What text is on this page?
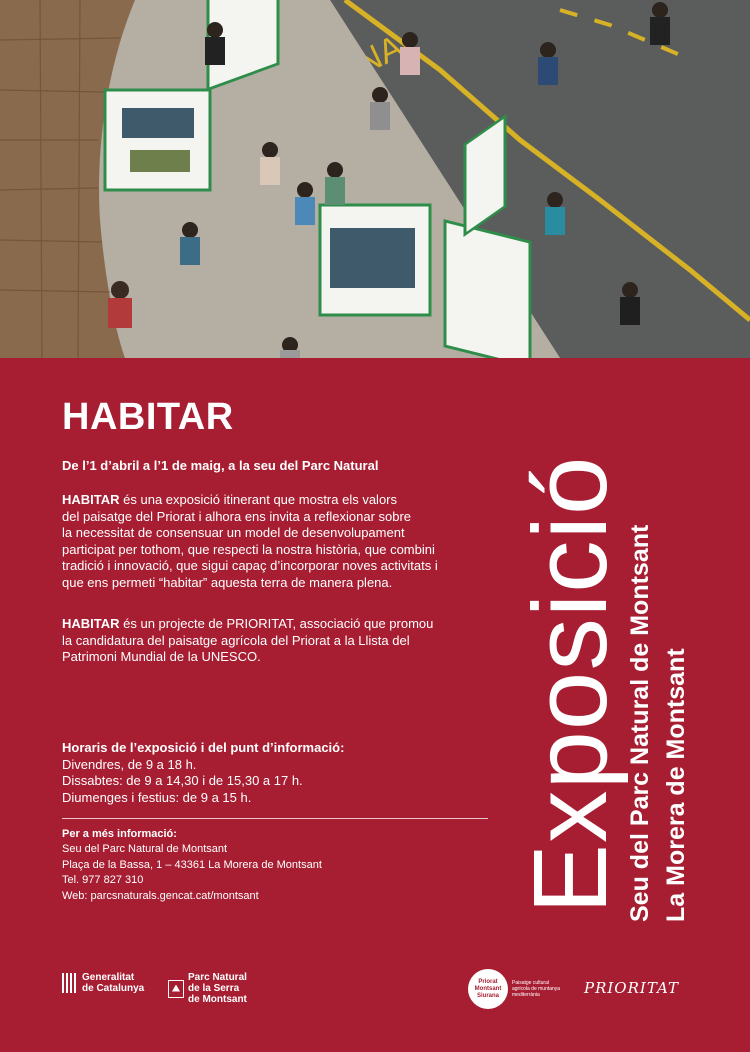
HABITAR
De l’1 d’abril a l’1 de maig, a la seu del Parc Natural
HABITAR és una exposició itinerant que mostra els valors
del paisatge del Priorat i alhora ens invita a reflexionar sobre
la necessitat de consensuar un model de desenvolupament
participat per tothom, que respecti la nostra història, que combini
tradició i innovació, que sigui capaç d’incorporar noves activitats i
que ens permeti “habitar” aquesta terra de manera plena.
HABITAR és un projecte de PRIORITAT, associació que promou
la candidatura del paisatge agrícola del Priorat a la Llista del
Patrimoni Mundial de la UNESCO.
Horaris de l’exposició i del punt d’informació:
Divendres, de 9 a 18 h.
Dissabtes: de 9 a 14,30 i de 15,30 a 17 h.
Diumenges i festius: de 9 a 15 h.
Per a més informació:
Seu del Parc Natural de Montsant
Plaça de la Bassa, 1 – 43361 La Morera de Montsant
Tel. 977 827 310
Web: parcsnaturals.gencat.cat/montsant	Exposició
Seu del Parc Natural de Montsant La Morera de Montsant
Generalitat
de Catalunya
Parc Natural
de la Serra
de Montsant
Priorat
Montsant
Siurana
Paisatge cultural
agrícola de muntanya
mediterrània	PRIORITAT
